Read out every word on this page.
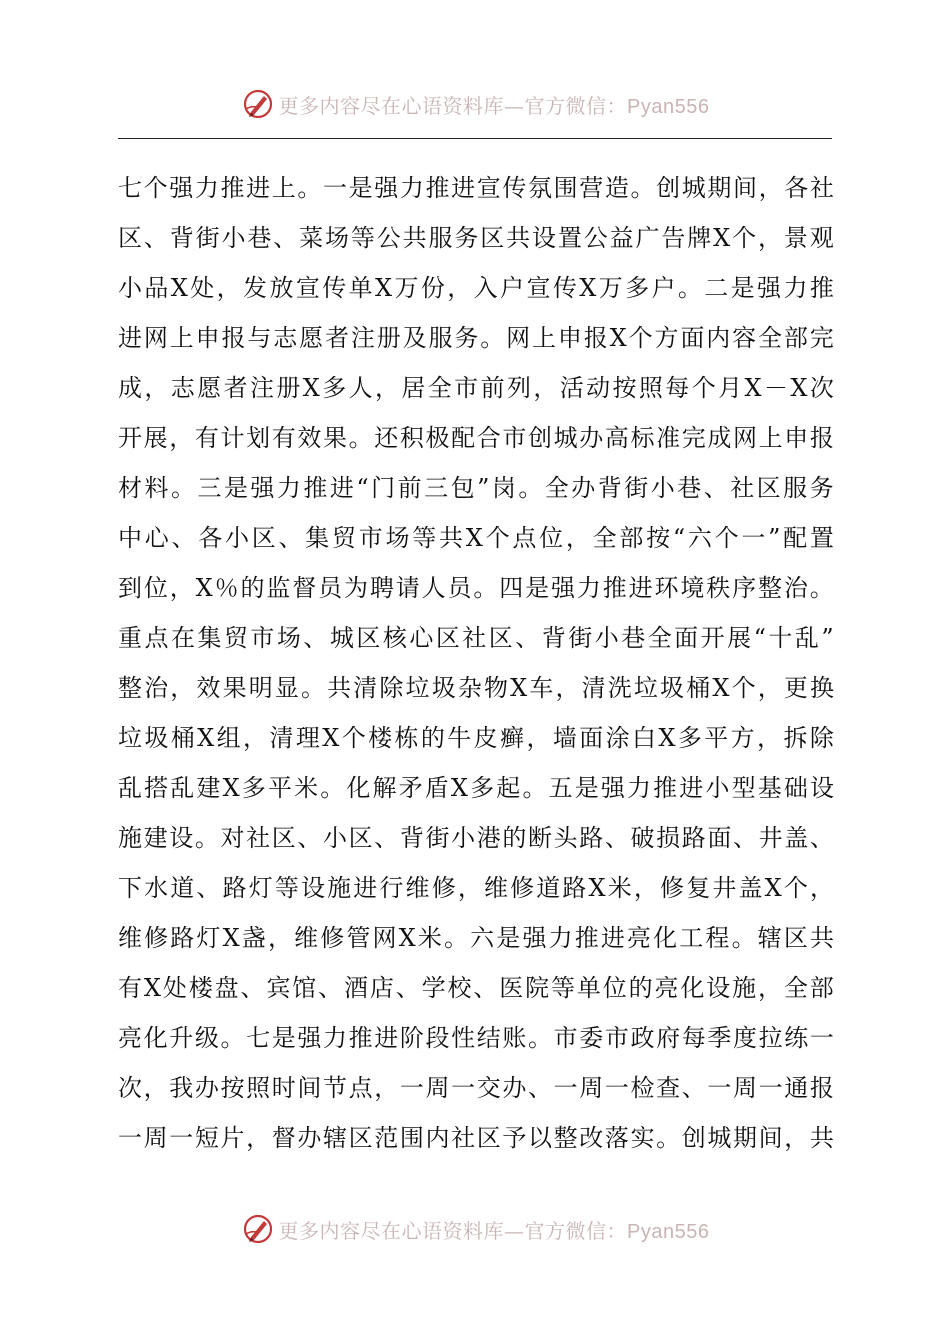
更多内容尽在心语资料库—官方微信：Pyan556
七 个 强 力 推 进 上 。 一 是 强 力 推 进 宣 传 氛 围 营 造 。 创 城 期 间 ， 各 社
区 、 背 街 小 巷 、 菜 场 等 公 共 服 务 区 共 设 置 公 益 广 告 牌 X 个 ， 景 观
小 品 X 处 ， 发 放 宣 传 单 X 万 份 ， 入 户 宣 传 X 万 多 户 。 二 是 强 力 推
进 网 上 申 报 与 志 愿 者 注 册 及 服 务 。 网 上 申 报 X 个 方 面 内 容 全 部 完
成 ， 志 愿 者 注 册 X 多 人 ， 居 全 市 前 列 ， 活 动 按 照 每 个 月 X － X 次
开 展 ， 有 计 划 有 效 果 。 还 积 极 配 合 市 创 城 办 高 标 准 完 成 网 上 申 报
材 料 。 三 是 强 力 推 进 “ 门 前 三 包 ” 岗 。 全 办 背 街 小 巷 、 社 区 服 务
中 心 、 各 小 区 、 集 贸 市 场 等 共 X 个 点 位 ， 全 部 按 “ 六 个 一 ” 配 置
到 位 ， X ％ 的 监 督 员 为 聘 请 人 员 。 四 是 强 力 推 进 环 境 秩 序 整 治 。
重 点 在 集 贸 市 场 、 城 区 核 心 区 社 区 、 背 街 小 巷 全 面 开 展 “ 十 乱 ”
整 治 ， 效 果 明 显 。 共 清 除 垃 圾 杂 物 X 车 ， 清 洗 垃 圾 桶 X 个 ， 更 换
垃 圾 桶 X 组 ， 清 理 X 个 楼 栋 的 牛 皮 癣 ， 墙 面 涂 白 X 多 平 方 ， 拆 除
乱 搭 乱 建 X 多 平 米 。 化 解 矛 盾 X 多 起 。 五 是 强 力 推 进 小 型 基 础 设
施 建 设 。 对 社 区 、 小 区 、 背 街 小 港 的 断 头 路 、 破 损 路 面 、 井 盖 、
下 水 道 、 路 灯 等 设 施 进 行 维 修 ， 维 修 道 路 X 米 ， 修 复 井 盖 X 个 ，
维 修 路 灯 X 盏 ， 维 修 管 网 X 米 。 六 是 强 力 推 进 亮 化 工 程 。 辖 区 共
有 X 处 楼 盘 、 宾 馆 、 酒 店 、 学 校 、 医 院 等 单 位 的 亮 化 设 施 ， 全 部
亮 化 升 级 。 七 是 强 力 推 进 阶 段 性 结 账 。 市 委 市 政 府 每 季 度 拉 练 一
次 ， 我 办 按 照 时 间 节 点 ， 一 周 一 交 办 、 一 周 一 检 查 、 一 周 一 通 报
一 周 一 短 片 ， 督 办 辖 区 范 围 内 社 区 予 以 整 改 落 实 。 创 城 期 间 ， 共
更多内容尽在心语资料库—官方微信：Pyan556
